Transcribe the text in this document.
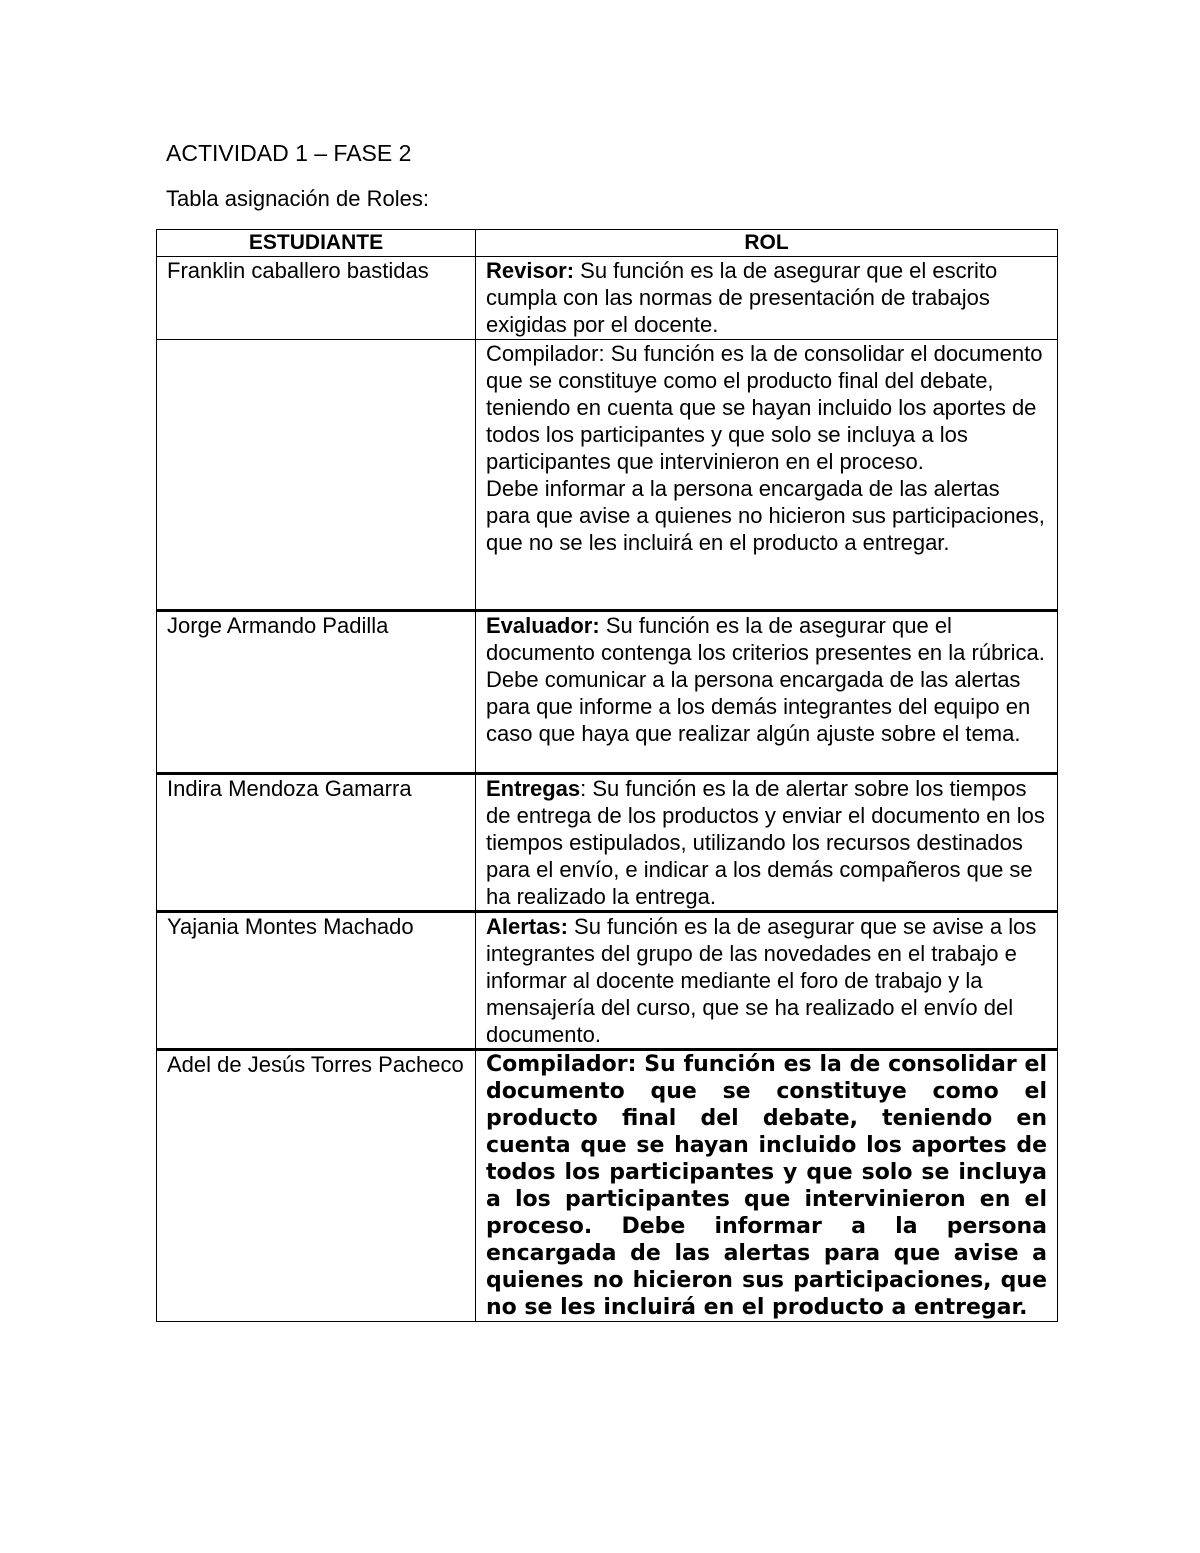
ACTIVIDAD 1 – FASE 2
Tabla asignación de Roles:
ESTUDIANTE	ROL
Franklin caballero bastidas	Revisor: Su función es la de asegurar que el escrito cumpla con las normas de presentación de trabajos exigidas por el docente.

	Compilador: Su función es la de consolidar el documento que se constituye como el producto final del debate, teniendo en cuenta que se hayan incluido los aportes de todos los participantes y que solo se incluya a los participantes que intervinieron en el proceso.
Debe informar a la persona encargada de las alertas para que avise a quienes no hicieron sus participaciones, que no se les incluirá en el producto a entregar.

Jorge Armando Padilla	Evaluador: Su función es la de asegurar que el documento contenga los criterios presentes en la rúbrica. Debe comunicar a la persona encargada de las alertas para que informe a los demás integrantes del equipo en caso que haya que realizar algún ajuste sobre el tema.
Indira Mendoza Gamarra	Entregas: Su función es la de alertar sobre los tiempos de entrega de los productos y enviar el documento en los tiempos estipulados, utilizando los recursos destinados para el envío, e indicar a los demás compañeros que se ha realizado la entrega.
Yajania Montes Machado	Alertas: Su función es la de asegurar que se avise a los integrantes del grupo de las novedades en el trabajo e informar al docente mediante el foro de trabajo y la mensajería del curso, que se ha realizado el envío del documento.
Adel de Jesús Torres Pacheco	Compilador: Su función es la de consolidar el documento que se constituye como el producto final del debate, teniendo en cuenta que se hayan incluido los aportes de todos los participantes y que solo se incluya a los participantes que intervinieron en el proceso. Debe informar a la persona encargada de las alertas para que avise a quienes no hicieron sus participaciones, que no se les incluirá en el producto a entregar.
